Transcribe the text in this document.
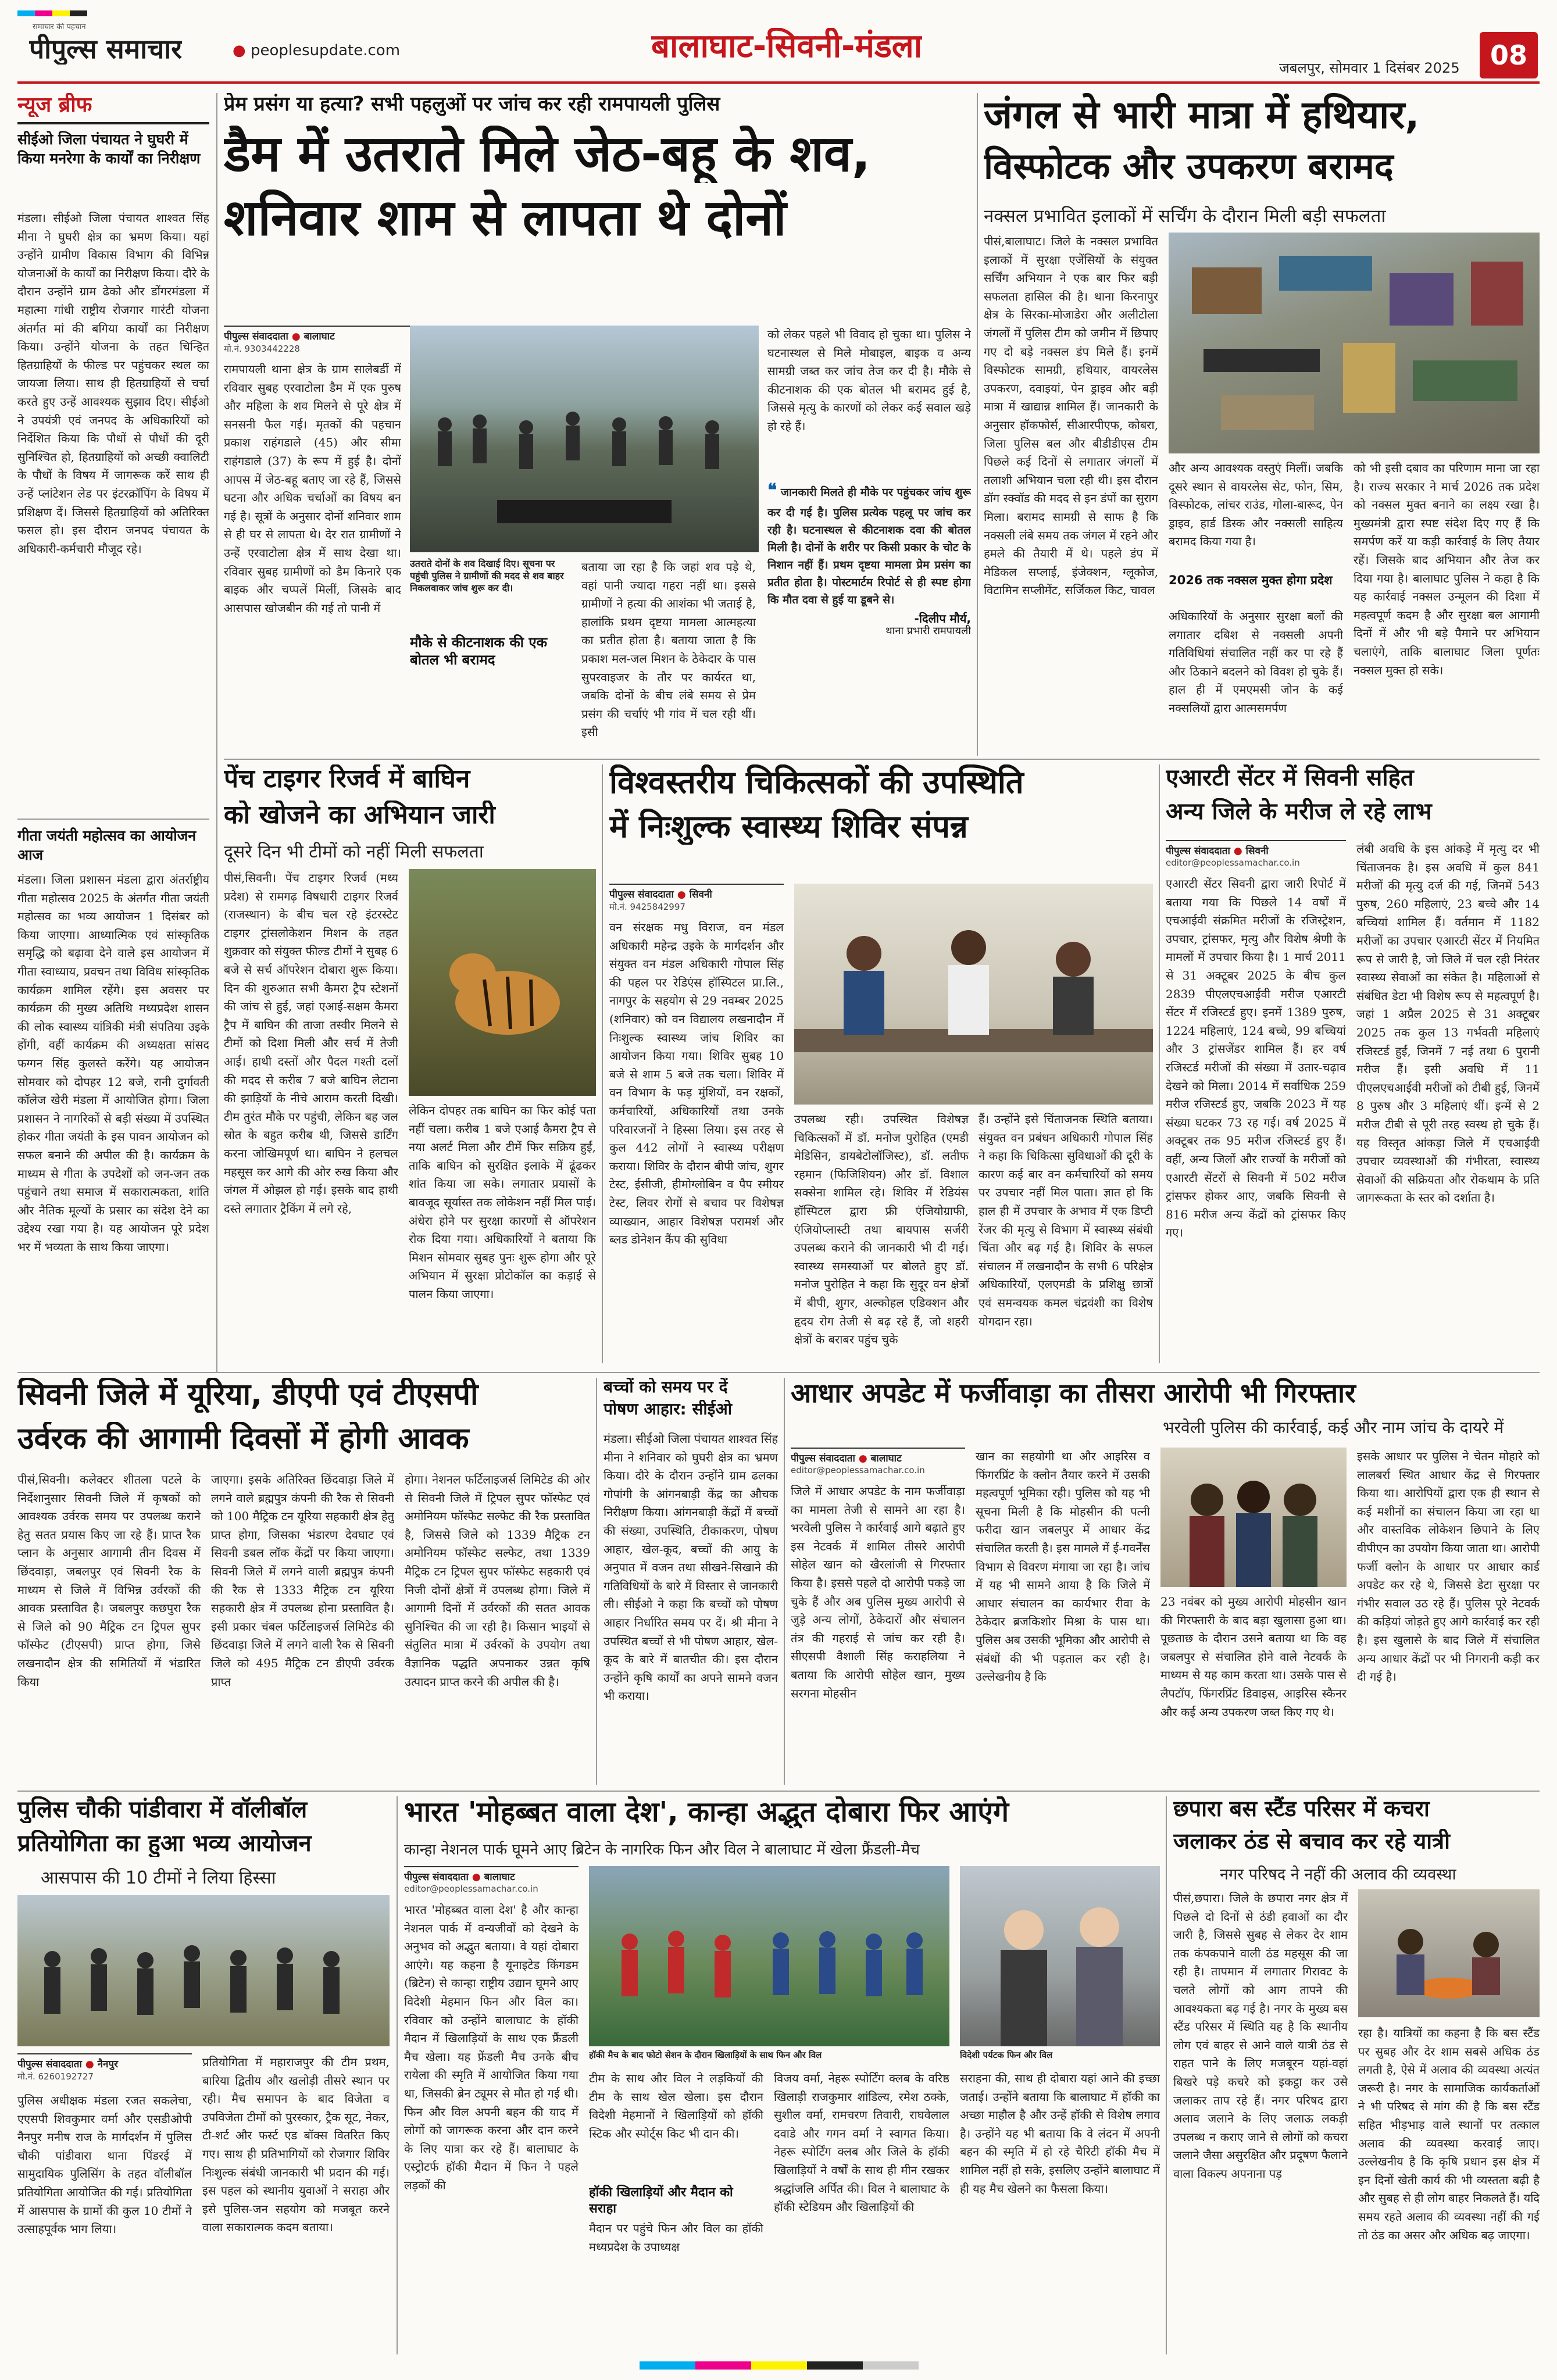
समाचार की पहचान
पीपुल्स समाचार	● peoplesupdate.com	बालाघाट-सिवनी-मंडला
जबलपुर, सोमवार 1 दिसंबर 2025	08
न्यूज ब्रीफ
सीईओ जिला पंचायत ने घुघरी में किया मनरेगा के कार्यों का निरीक्षण
मंडला। सीईओ जिला पंचायत शाश्वत सिंह मीना ने घुघरी क्षेत्र का भ्रमण किया। यहां उन्होंने ग्रामीण विकास विभाग की विभिन्न योजनाओं के कार्यों का निरीक्षण किया। दौरे के दौरान उन्होंने ग्राम ढेको और डोंगरमंडला में महात्मा गांधी राष्ट्रीय रोजगार गारंटी योजना अंतर्गत मां की बगिया कार्यों का निरीक्षण किया। उन्होंने योजना के तहत चिन्हित हितग्राहियों के फील्ड पर पहुंचकर स्थल का जायजा लिया। साथ ही हितग्राहियों से चर्चा करते हुए उन्हें आवश्यक सुझाव दिए। सीईओ ने उपयंत्री एवं जनपद के अधिकारियों को निर्देशित किया कि पौधों से पौधों की दूरी सुनिश्चित हो, हितग्राहियों को अच्छी क्वालिटी के पौधों के विषय में जागरूक करें साथ ही उन्हें प्लांटेशन लेड पर इंटरक्रॉपिंग के विषय में प्रशिक्षण दें। जिससे हितग्राहियों को अतिरिक्त फसल हो। इस दौरान जनपद पंचायत के अधिकारी-कर्मचारी मौजूद रहे।
गीता जयंती महोत्सव का आयोजन आज
मंडला। जिला प्रशासन मंडला द्वारा अंतर्राष्ट्रीय गीता महोत्सव 2025 के अंतर्गत गीता जयंती महोत्सव का भव्य आयोजन 1 दिसंबर को किया जाएगा। आध्यात्मिक एवं सांस्कृतिक समृद्धि को बढ़ावा देने वाले इस आयोजन में गीता स्वाध्याय, प्रवचन तथा विविध सांस्कृतिक कार्यक्रम शामिल रहेंगे। इस अवसर पर कार्यक्रम की मुख्य अतिथि मध्यप्रदेश शासन की लोक स्वास्थ्य यांत्रिकी मंत्री संपतिया उइके होंगी, वहीं कार्यक्रम की अध्यक्षता सांसद फग्गन सिंह कुलस्ते करेंगे। यह आयोजन सोमवार को दोपहर 12 बजे, रानी दुर्गावती कॉलेज खेरी मंडला में आयोजित होगा। जिला प्रशासन ने नागरिकों से बड़ी संख्या में उपस्थित होकर गीता जयंती के इस पावन आयोजन को सफल बनाने की अपील की है। कार्यक्रम के माध्यम से गीता के उपदेशों को जन-जन तक पहुंचाने तथा समाज में सकारात्मकता, शांति और नैतिक मूल्यों के प्रसार का संदेश देने का उद्देश्य रखा गया है। यह आयोजन पूरे प्रदेश भर में भव्यता के साथ किया जाएगा।
प्रेम प्रसंग या हत्या? सभी पहलुओं पर जांच कर रही रामपायली पुलिस
डैम में उतराते मिले जेठ-बहू के शव,
शनिवार शाम से लापता थे दोनों
पीपुल्स संवाददाता ● बालाघाट
मो.नं. 9303442228
रामपायली थाना क्षेत्र के ग्राम सालेबर्डी में रविवार सुबह एरवाटोला डैम में एक पुरुष और महिला के शव मिलने से पूरे क्षेत्र में सनसनी फैल गई। मृतकों की पहचान प्रकाश राहंगडाले (45) और सीमा राहंगडाले (37) के रूप में हुई है। दोनों आपस में जेठ-बहू बताए जा रहे हैं, जिससे घटना और अधिक चर्चाओं का विषय बन गई है। सूत्रों के अनुसार दोनों शनिवार शाम से ही घर से लापता थे। देर रात ग्रामीणों ने उन्हें एरवाटोला क्षेत्र में साथ देखा था। रविवार सुबह ग्रामीणों को डैम किनारे एक बाइक और चप्पलें मिलीं, जिसके बाद आसपास खोजबीन की गई तो पानी में
उतराते दोनों के शव दिखाई दिए। सूचना पर पहुंची पुलिस ने ग्रामीणों की मदद से शव बाहर निकलवाकर जांच शुरू कर दी।
मौके से कीटनाशक की एक बोतल भी बरामद
बताया जा रहा है कि जहां शव पड़े थे, वहां पानी ज्यादा गहरा नहीं था। इससे ग्रामीणों ने हत्या की आशंका भी जताई है, हालांकि प्रथम दृष्टया मामला आत्महत्या का प्रतीत होता है। बताया जाता है कि प्रकाश मल-जल मिशन के ठेकेदार के पास सुपरवाइजर के तौर पर कार्यरत था, जबकि दोनों के बीच लंबे समय से प्रेम प्रसंग की चर्चाएं भी गांव में चल रही थीं। इसी
को लेकर पहले भी विवाद हो चुका था। पुलिस ने घटनास्थल से मिले मोबाइल, बाइक व अन्य सामग्री जब्त कर जांच तेज कर दी है। मौके से कीटनाशक की एक बोतल भी बरामद हुई है, जिससे मृत्यु के कारणों को लेकर कई सवाल खड़े हो रहे हैं।
❝ जानकारी मिलते ही मौके पर पहुंचकर जांच शुरू कर दी गई है। पुलिस प्रत्येक पहलू पर जांच कर रही है। घटनास्थल से कीटनाशक दवा की बोतल मिली है। दोनों के शरीर पर किसी प्रकार के चोट के निशान नहीं हैं। प्रथम दृष्टया मामला प्रेम प्रसंग का प्रतीत होता है। पोस्टमार्टम रिपोर्ट से ही स्पष्ट होगा कि मौत दवा से हुई या डूबने से।
-दिलीप मौर्य,
थाना प्रभारी रामपायली
जंगल से भारी मात्रा में हथियार,
विस्फोटक और उपकरण बरामद
नक्सल प्रभावित इलाकों में सर्चिंग के दौरान मिली बड़ी सफलता
पीसं,बालाघाट। जिले के नक्सल प्रभावित इलाकों में सुरक्षा एजेंसियों के संयुक्त सर्चिंग अभियान ने एक बार फिर बड़ी सफलता हासिल की है। थाना किरनापुर क्षेत्र के सिरका-मोजाडेरा और अलीटोला जंगलों में पुलिस टीम को जमीन में छिपाए गए दो बड़े नक्सल डंप मिले हैं। इनमें विस्फोटक सामग्री, हथियार, वायरलेस उपकरण, दवाइयां, पेन ड्राइव और बड़ी मात्रा में खाद्यान्न शामिल हैं। जानकारी के अनुसार हॉकफोर्स, सीआरपीएफ, कोबरा, जिला पुलिस बल और बीडीडीएस टीम पिछले कई दिनों से लगातार जंगलों में तलाशी अभियान चला रही थी। इस दौरान डॉग स्क्वॉड की मदद से इन डंपों का सुराग मिला। बरामद सामग्री से साफ है कि नक्सली लंबे समय तक जंगल में रहने और हमले की तैयारी में थे। पहले डंप में मेडिकल सप्लाई, इंजेक्शन, ग्लूकोज, विटामिन सप्लीमेंट, सर्जिकल किट, चावल
और अन्य आवश्यक वस्तुएं मिलीं। जबकि दूसरे स्थान से वायरलेस सेट, फोन, सिम, विस्फोटक, लांचर राउंड, गोला-बारूद, पेन ड्राइव, हार्ड डिस्क और नक्सली साहित्य बरामद किया गया है।
2026 तक नक्सल मुक्त होगा प्रदेश
अधिकारियों के अनुसार सुरक्षा बलों की लगातार दबिश से नक्सली अपनी गतिविधियां संचालित नहीं कर पा रहे हैं और ठिकाने बदलने को विवश हो चुके हैं। हाल ही में एमएमसी जोन के कई नक्सलियों द्वारा आत्मसमर्पण
को भी इसी दबाव का परिणाम माना जा रहा है। राज्य सरकार ने मार्च 2026 तक प्रदेश को नक्सल मुक्त बनाने का लक्ष्य रखा है। मुख्यमंत्री द्वारा स्पष्ट संदेश दिए गए हैं कि समर्पण करें या कड़ी कार्रवाई के लिए तैयार रहें। जिसके बाद अभियान और तेज कर दिया गया है। बालाघाट पुलिस ने कहा है कि यह कार्रवाई नक्सल उन्मूलन की दिशा में महत्वपूर्ण कदम है और सुरक्षा बल आगामी दिनों में और भी बड़े पैमाने पर अभियान चलाएंगे, ताकि बालाघाट जिला पूर्णतः नक्सल मुक्त हो सके।
पेंच टाइगर रिजर्व में बाघिन
को खोजने का अभियान जारी
दूसरे दिन भी टीमों को नहीं मिली सफलता
पीसं,सिवनी। पेंच टाइगर रिजर्व (मध्य प्रदेश) से रामगढ़ विषधारी टाइगर रिजर्व (राजस्थान) के बीच चल रहे इंटरस्टेट टाइगर ट्रांसलोकेशन मिशन के तहत शुक्रवार को संयुक्त फील्ड टीमों ने सुबह 6 बजे से सर्च ऑपरेशन दोबारा शुरू किया। दिन की शुरुआत सभी कैमरा ट्रैप स्टेशनों की जांच से हुई, जहां एआई-सक्षम कैमरा ट्रैप में बाघिन की ताजा तस्वीर मिलने से टीमों को दिशा मिली और सर्च में तेजी आई। हाथी दस्तों और पैदल गश्ती दलों की मदद से करीब 7 बजे बाघिन लेटाना की झाड़ियों के नीचे आराम करती दिखी। टीम तुरंत मौके पर पहुंची, लेकिन बह जल स्रोत के बहुत करीब थी, जिससे डार्टिंग करना जोखिमपूर्ण था। बाघिन ने हलचल महसूस कर आगे की ओर रुख किया और जंगल में ओझल हो गई। इसके बाद हाथी दस्ते लगातार ट्रैकिंग में लगे रहे,
लेकिन दोपहर तक बाघिन का फिर कोई पता नहीं चला। करीब 1 बजे एआई कैमरा ट्रैप से नया अलर्ट मिला और टीमें फिर सक्रिय हुईं, ताकि बाघिन को सुरक्षित इलाके में ढूंढकर शांत किया जा सके। लगातार प्रयासों के बावजूद सूर्यास्त तक लोकेशन नहीं मिल पाई। अंधेरा होने पर सुरक्षा कारणों से ऑपरेशन रोक दिया गया। अधिकारियों ने बताया कि मिशन सोमवार सुबह पुनः शुरू होगा और पूरे अभियान में सुरक्षा प्रोटोकॉल का कड़ाई से पालन किया जाएगा।
विश्वस्तरीय चिकित्सकों की उपस्थिति
में निःशुल्क स्वास्थ्य शिविर संपन्न
पीपुल्स संवाददाता ● सिवनी
मो.नं. 9425842997
वन संरक्षक मधु विराज, वन मंडल अधिकारी महेन्द्र उइके के मार्गदर्शन और संयुक्त वन मंडल अधिकारी गोपाल सिंह की पहल पर रेडिएंस हॉस्पिटल प्रा.लि., नागपुर के सहयोग से 29 नवम्बर 2025 (शनिवार) को वन विद्यालय लखनादौन में निःशुल्क स्वास्थ्य जांच शिविर का आयोजन किया गया। शिविर सुबह 10 बजे से शाम 5 बजे तक चला। शिविर में वन विभाग के फड़ मुंशियों, वन रक्षकों, कर्मचारियों, अधिकारियों तथा उनके परिवारजनों ने हिस्सा लिया। इस तरह से कुल 442 लोगों ने स्वास्थ्य परीक्षण कराया। शिविर के दौरान बीपी जांच, शुगर टेस्ट, ईसीजी, हीमोग्लोबिन व पैप स्मीयर टेस्ट, लिवर रोगों से बचाव पर विशेषज्ञ व्याख्यान, आहार विशेषज्ञ परामर्श और ब्लड डोनेशन कैंप की सुविधा
उपलब्ध रही। उपस्थित विशेषज्ञ चिकित्सकों में डॉ. मनोज पुरोहित (एमडी मेडिसिन, डायबेटोलॉजिस्ट), डॉ. लतीफ रहमान (फिजिशियन) और डॉ. विशाल सक्सेना शामिल रहे। शिविर में रेडियंस हॉस्पिटल द्वारा फ्री एंजियोग्राफी, एंजियोप्लास्टी तथा बायपास सर्जरी उपलब्ध कराने की जानकारी भी दी गई। स्वास्थ्य समस्याओं पर बोलते हुए डॉ. मनोज पुरोहित ने कहा कि सुदूर वन क्षेत्रों में बीपी, शुगर, अल्कोहल एडिक्शन और हृदय रोग तेजी से बढ़ रहे हैं, जो शहरी क्षेत्रों के बराबर पहुंच चुके
हैं। उन्होंने इसे चिंताजनक स्थिति बताया। संयुक्त वन प्रबंधन अधिकारी गोपाल सिंह ने कहा कि चिकित्सा सुविधाओं की दूरी के कारण कई बार वन कर्मचारियों को समय पर उपचार नहीं मिल पाता। ज्ञात हो कि हाल ही में उपचार के अभाव में एक डिप्टी रेंजर की मृत्यु से विभाग में स्वास्थ्य संबंधी चिंता और बढ़ गई है। शिविर के सफल संचालन में लखनादौन के सभी 6 परिक्षेत्र अधिकारियों, एलएमडी के प्रशिक्षु छात्रों एवं समन्वयक कमल चंद्रवंशी का विशेष योगदान रहा।
एआरटी सेंटर में सिवनी सहित
अन्य जिले के मरीज ले रहे लाभ
पीपुल्स संवाददाता ● सिवनी
editor@peoplessamachar.co.in
एआरटी सेंटर सिवनी द्वारा जारी रिपोर्ट में बताया गया कि पिछले 14 वर्षों में एचआईवी संक्रमित मरीजों के रजिस्ट्रेशन, उपचार, ट्रांसफर, मृत्यु और विशेष श्रेणी के मामलों में उपचार किया है। 1 मार्च 2011 से 31 अक्टूबर 2025 के बीच कुल 2839 पीएलएचआईवी मरीज एआरटी सेंटर में रजिस्टर्ड हुए। इनमें 1389 पुरुष, 1224 महिलाएं, 124 बच्चे, 99 बच्चियां और 3 ट्रांसजेंडर शामिल हैं। हर वर्ष रजिस्टर्ड मरीजों की संख्या में उतार-चढ़ाव देखने को मिला। 2014 में सर्वाधिक 259 मरीज रजिस्टर्ड हुए, जबकि 2023 में यह संख्या घटकर 73 रह गई। वर्ष 2025 में अक्टूबर तक 95 मरीज रजिस्टर्ड हुए हैं। वहीं, अन्य जिलों और राज्यों के मरीजों को एआरटी सेंटरों से सिवनी में 502 मरीज ट्रांसफर होकर आए, जबकि सिवनी से 816 मरीज अन्य केंद्रों को ट्रांसफर किए गए।
लंबी अवधि के इस आंकड़े में मृत्यु दर भी चिंताजनक है। इस अवधि में कुल 841 मरीजों की मृत्यु दर्ज की गई, जिनमें 543 पुरुष, 260 महिलाएं, 23 बच्चे और 14 बच्चियां शामिल हैं। वर्तमान में 1182 मरीजों का उपचार एआरटी सेंटर में नियमित रूप से जारी है, जो जिले में चल रही निरंतर स्वास्थ्य सेवाओं का संकेत है। महिलाओं से संबंधित डेटा भी विशेष रूप से महत्वपूर्ण है। जहां 1 अप्रैल 2025 से 31 अक्टूबर 2025 तक कुल 13 गर्भवती महिलाएं रजिस्टर्ड हुईं, जिनमें 7 नई तथा 6 पुरानी मरीज हैं। इसी अवधि में 11 पीएलएचआईवी मरीजों को टीबी हुई, जिनमें 8 पुरुष और 3 महिलाएं थीं। इन्में से 2 मरीज टीबी से पूरी तरह स्वस्थ हो चुके हैं। यह विस्तृत आंकड़ा जिले में एचआईवी उपचार व्यवस्थाओं की गंभीरता, स्वास्थ्य सेवाओं की सक्रियता और रोकथाम के प्रति जागरूकता के स्तर को दर्शाता है।
सिवनी जिले में यूरिया, डीएपी एवं टीएसपी
उर्वरक की आगामी दिवसों में होगी आवक
पीसं,सिवनी। कलेक्टर शीतला पटले के निर्देशानुसार सिवनी जिले में कृषकों को आवश्यक उर्वरक समय पर उपलब्ध कराने हेतु सतत प्रयास किए जा रहे हैं। प्राप्त रैक प्लान के अनुसार आगामी तीन दिवस में छिंदवाड़ा, जबलपुर एवं सिवनी रैक के माध्यम से जिले में विभिन्न उर्वरकों की आवक प्रस्तावित है। जबलपुर कछपुरा रैक से जिले को 90 मैट्रिक टन ट्रिपल सुपर फॉस्फेट (टीएसपी) प्राप्त होगा, जिसे लखनादौन क्षेत्र की समितियों में भंडारित किया
जाएगा। इसके अतिरिक्त छिंदवाड़ा जिले में लगने वाले ब्रह्मपुत्र कंपनी की रैक से सिवनी को 100 मैट्रिक टन यूरिया सहकारी क्षेत्र हेतु प्राप्त होगा, जिसका भंडारण देवघाट एवं सिवनी डबल लॉक केंद्रों पर किया जाएगा। सिवनी जिले में लगने वाली ब्रह्मपुत्र कंपनी की रैक से 1333 मैट्रिक टन यूरिया सहकारी क्षेत्र में उपलब्ध होना प्रस्तावित है। इसी प्रकार चंबल फर्टिलाइजर्स लिमिटेड की छिंदवाड़ा जिले में लगने वाली रैक से सिवनी जिले को 495 मैट्रिक टन डीएपी उर्वरक प्राप्त
होगा। नेशनल फर्टिलाइजर्स लिमिटेड की ओर से सिवनी जिले में ट्रिपल सुपर फॉस्फेट एवं अमोनियम फॉस्फेट सल्फेट की रैक प्रस्तावित है, जिससे जिले को 1339 मैट्रिक टन अमोनियम फॉस्फेट सल्फेट, तथा 1339 मैट्रिक टन ट्रिपल सुपर फॉस्फेट सहकारी एवं निजी दोनों क्षेत्रों में उपलब्ध होगा। जिले में आगामी दिनों में उर्वरकों की सतत आवक सुनिश्चित की जा रही है। किसान भाइयों से संतुलित मात्रा में उर्वरकों के उपयोग तथा वैज्ञानिक पद्धति अपनाकर उन्नत कृषि उत्पादन प्राप्त करने की अपील की है।
बच्चों को समय पर दें
पोषण आहार: सीईओ
मंडला। सीईओ जिला पंचायत शाश्वत सिंह मीना ने शनिवार को घुघरी क्षेत्र का भ्रमण किया। दौरे के दौरान उन्होंने ग्राम ढलका गोपांगी के आंगनबाड़ी केंद्र का औचक निरीक्षण किया। आंगनबाड़ी केंद्रों में बच्चों की संख्या, उपस्थिति, टीकाकरण, पोषण आहार, खेल-कूद, बच्चों की आयु के अनुपात में वजन तथा सीखने-सिखाने की गतिविधियों के बारे में विस्तार से जानकारी ली। सीईओ ने कहा कि बच्चों को पोषण आहार निर्धारित समय पर दें। श्री मीना ने उपस्थित बच्चों से भी पोषण आहार, खेल-कूद के बारे में बातचीत की। इस दौरान उन्होंने कृषि कार्यों का अपने सामने वजन भी कराया।
आधार अपडेट में फर्जीवाड़ा का तीसरा आरोपी भी गिरफ्तार
भरवेली पुलिस की कार्रवाई, कई और नाम जांच के दायरे में
पीपुल्स संवाददाता ● बालाघाट
editor@peoplessamachar.co.in
जिले में आधार अपडेट के नाम फर्जीवाड़ा का मामला तेजी से सामने आ रहा है। भरवेली पुलिस ने कार्रवाई आगे बढ़ाते हुए इस नेटवर्क में शामिल तीसरे आरोपी सोहेल खान को खैरलांजी से गिरफ्तार किया है। इससे पहले दो आरोपी पकड़े जा चुके हैं और अब पुलिस मुख्य आरोपी से जुड़े अन्य लोगों, ठेकेदारों और संचालन तंत्र की गहराई से जांच कर रही है। सीएसपी वैशाली सिंह कराहलिया ने बताया कि आरोपी सोहेल खान, मुख्य सरगना मोहसीन
खान का सहयोगी था और आइरिस व फिंगरप्रिंट के क्लोन तैयार करने में उसकी महत्वपूर्ण भूमिका रही। पुलिस को यह भी सूचना मिली है कि मोहसीन की पत्नी फरीदा खान जबलपुर में आधार केंद्र संचालित करती है। इस मामले में ई-गवर्नेंस विभाग से विवरण मंगाया जा रहा है। जांच में यह भी सामने आया है कि जिले में आधार संचालन का कार्यभार रीवा के ठेकेदार ब्रजकिशोर मिश्रा के पास था। पुलिस अब उसकी भूमिका और आरोपी से संबंधों की भी पड़ताल कर रही है। उल्लेखनीय है कि
23 नवंबर को मुख्य आरोपी मोहसीन खान की गिरफ्तारी के बाद बड़ा खुलासा हुआ था। पूछताछ के दौरान उसने बताया था कि वह जबलपुर से संचालित होने वाले नेटवर्क के माध्यम से यह काम करता था। उसके पास से लैपटॉप, फिंगरप्रिंट डिवाइस, आइरिस स्कैनर और कई अन्य उपकरण जब्त किए गए थे।
इसके आधार पर पुलिस ने चेतन मोहारे को लालबर्रा स्थित आधार केंद्र से गिरफ्तार किया था। आरोपियों द्वारा एक ही स्थान से कई मशीनों का संचालन किया जा रहा था और वास्तविक लोकेशन छिपाने के लिए वीपीएन का उपयोग किया जाता था। आरोपी फर्जी क्लोन के आधार पर आधार कार्ड अपडेट कर रहे थे, जिससे डेटा सुरक्षा पर गंभीर सवाल उठ रहे हैं। पुलिस पूरे नेटवर्क की कड़ियां जोड़ते हुए आगे कार्रवाई कर रही है। इस खुलासे के बाद जिले में संचालित अन्य आधार केंद्रों पर भी निगरानी कड़ी कर दी गई है।
पुलिस चौकी पांडीवारा में वॉलीबॉल
प्रतियोगिता का हुआ भव्य आयोजन
आसपास की 10 टीमों ने लिया हिस्सा
पीपुल्स संवाददाता ● नैनपुर
मो.नं. 6260192727
पुलिस अधीक्षक मंडला रजत सकलेचा, एएसपी शिवकुमार वर्मा और एसडीओपी नैनपुर मनीष राज के मार्गदर्शन में पुलिस चौकी पांडीवारा थाना पिंडरई में सामुदायिक पुलिसिंग के तहत वॉलीबॉल प्रतियोगिता आयोजित की गई। प्रतियोगिता में आसपास के ग्रामों की कुल 10 टीमों ने उत्साहपूर्वक भाग लिया।
प्रतियोगिता में महाराजपुर की टीम प्रथम, बारिया द्वितीय और खलोड़ी तीसरे स्थान पर रही। मैच समापन के बाद विजेता व उपविजेता टीमों को पुरस्कार, ट्रैक सूट, नेकर, टी-शर्ट और फर्स्ट एड बॉक्स वितरित किए गए। साथ ही प्रतिभागियों को रोजगार शिविर निःशुल्क संबंधी जानकारी भी प्रदान की गई। इस पहल को स्थानीय युवाओं ने सराहा और इसे पुलिस-जन सहयोग को मजबूत करने वाला सकारात्मक कदम बताया।
भारत 'मोहब्बत वाला देश', कान्हा अद्भुत दोबारा फिर आएंगे
कान्हा नेशनल पार्क घूमने आए ब्रिटेन के नागरिक फिन और विल ने बालाघाट में खेला फ्रैंडली-मैच
पीपुल्स संवाददाता ● बालाघाट
editor@peoplessamachar.co.in
भारत 'मोहब्बत वाला देश' है और कान्हा नेशनल पार्क में वन्यजीवों को देखने के अनुभव को अद्भुत बताया। वे यहां दोबारा आएंगे। यह कहना है यूनाइटेड किंगडम (ब्रिटेन) से कान्हा राष्ट्रीय उद्यान घूमने आए विदेशी मेहमान फिन और विल का। रविवार को उन्होंने बालाघाट के हॉकी मैदान में खिलाड़ियों के साथ एक फ्रैंडली मैच खेला। यह फ्रेंडली मैच उनके बीच रायेला की स्मृति में आयोजित किया गया था, जिसकी ब्रेन ट्यूमर से मौत हो गई थी। फिन और विल अपनी बहन की याद में लोगों को जागरूक करना और दान करने के लिए यात्रा कर रहे हैं। बालाघाट के एस्ट्रोटर्फ हॉकी मैदान में फिन ने पहले लड़कों की
हॉकी मैच के बाद फोटो सेशन के दौरान खिलाड़ियों के साथ फिन और विल
टीम के साथ और विल ने लड़कियों की टीम के साथ खेल खेला। इस दौरान विदेशी मेहमानों ने खिलाड़ियों को हॉकी स्टिक और स्पोर्ट्स किट भी दान की।
हॉकी खिलाड़ियों और मैदान को सराहा
मैदान पर पहुंचे फिन और विल का हॉकी मध्यप्रदेश के उपाध्यक्ष
विजय वर्मा, नेहरू स्पोर्टिंग क्लब के वरिष्ठ खिलाड़ी राजकुमार शांडिल्य, रमेश ठक्के, सुशील वर्मा, रामचरण तिवारी, राघवेलाल दवाडे और गगन वर्मा ने स्वागत किया। नेहरू स्पोर्टिंग क्लब और जिले के हॉकी खिलाड़ियों ने वर्षों के साथ ही मीन रखकर श्रद्धांजलि अर्पित की। विल ने बालाघाट के हॉकी स्टेडियम और खिलाड़ियों की
विदेशी पर्यटक फिन और विल
सराहना की, साथ ही दोबारा यहां आने की इच्छा जताई। उन्होंने बताया कि बालाघाट में हॉकी का अच्छा माहौल है और उन्हें हॉकी से विशेष लगाव है। उन्होंने यह भी बताया कि वे लंदन में अपनी बहन की स्मृति में हो रहे चैरिटी हॉकी मैच में शामिल नहीं हो सके, इसलिए उन्होंने बालाघाट में ही यह मैच खेलने का फैसला किया।
छपारा बस स्टैंड परिसर में कचरा
जलाकर ठंड से बचाव कर रहे यात्री
नगर परिषद ने नहीं की अलाव की व्यवस्था
पीसं,छपारा। जिले के छपारा नगर क्षेत्र में पिछले दो दिनों से ठंडी हवाओं का दौर जारी है, जिससे सुबह से लेकर देर शाम तक कंपकपाने वाली ठंड महसूस की जा रही है। तापमान में लगातार गिरावट के चलते लोगों को आग तापने की आवश्यकता बढ़ गई है। नगर के मुख्य बस स्टैंड परिसर में स्थिति यह है कि स्थानीय लोग एवं बाहर से आने वाले यात्री ठंड से राहत पाने के लिए मजबूरन यहां-वहां बिखरे पड़े कचरे को इकट्ठा कर उसे जलाकर ताप रहे हैं। नगर परिषद द्वारा अलाव जलाने के लिए जलाऊ लकड़ी उपलब्ध न कराए जाने से लोगों को कचरा जलाने जैसा असुरक्षित और प्रदूषण फैलाने वाला विकल्प अपनाना पड़
रहा है। यात्रियों का कहना है कि बस स्टैंड पर सुबह और देर शाम सबसे अधिक ठंड लगती है, ऐसे में अलाव की व्यवस्था अत्यंत जरूरी है। नगर के सामाजिक कार्यकर्ताओं ने भी परिषद से मांग की है कि बस स्टैंड सहित भीड़भाड़ वाले स्थानों पर तत्काल अलाव की व्यवस्था करवाई जाए। उल्लेखनीय है कि कृषि प्रधान इस क्षेत्र में इन दिनों खेती कार्य की भी व्यस्तता बढ़ी है और सुबह से ही लोग बाहर निकलते हैं। यदि समय रहते अलाव की व्यवस्था नहीं की गई तो ठंड का असर और अधिक बढ़ जाएगा।
